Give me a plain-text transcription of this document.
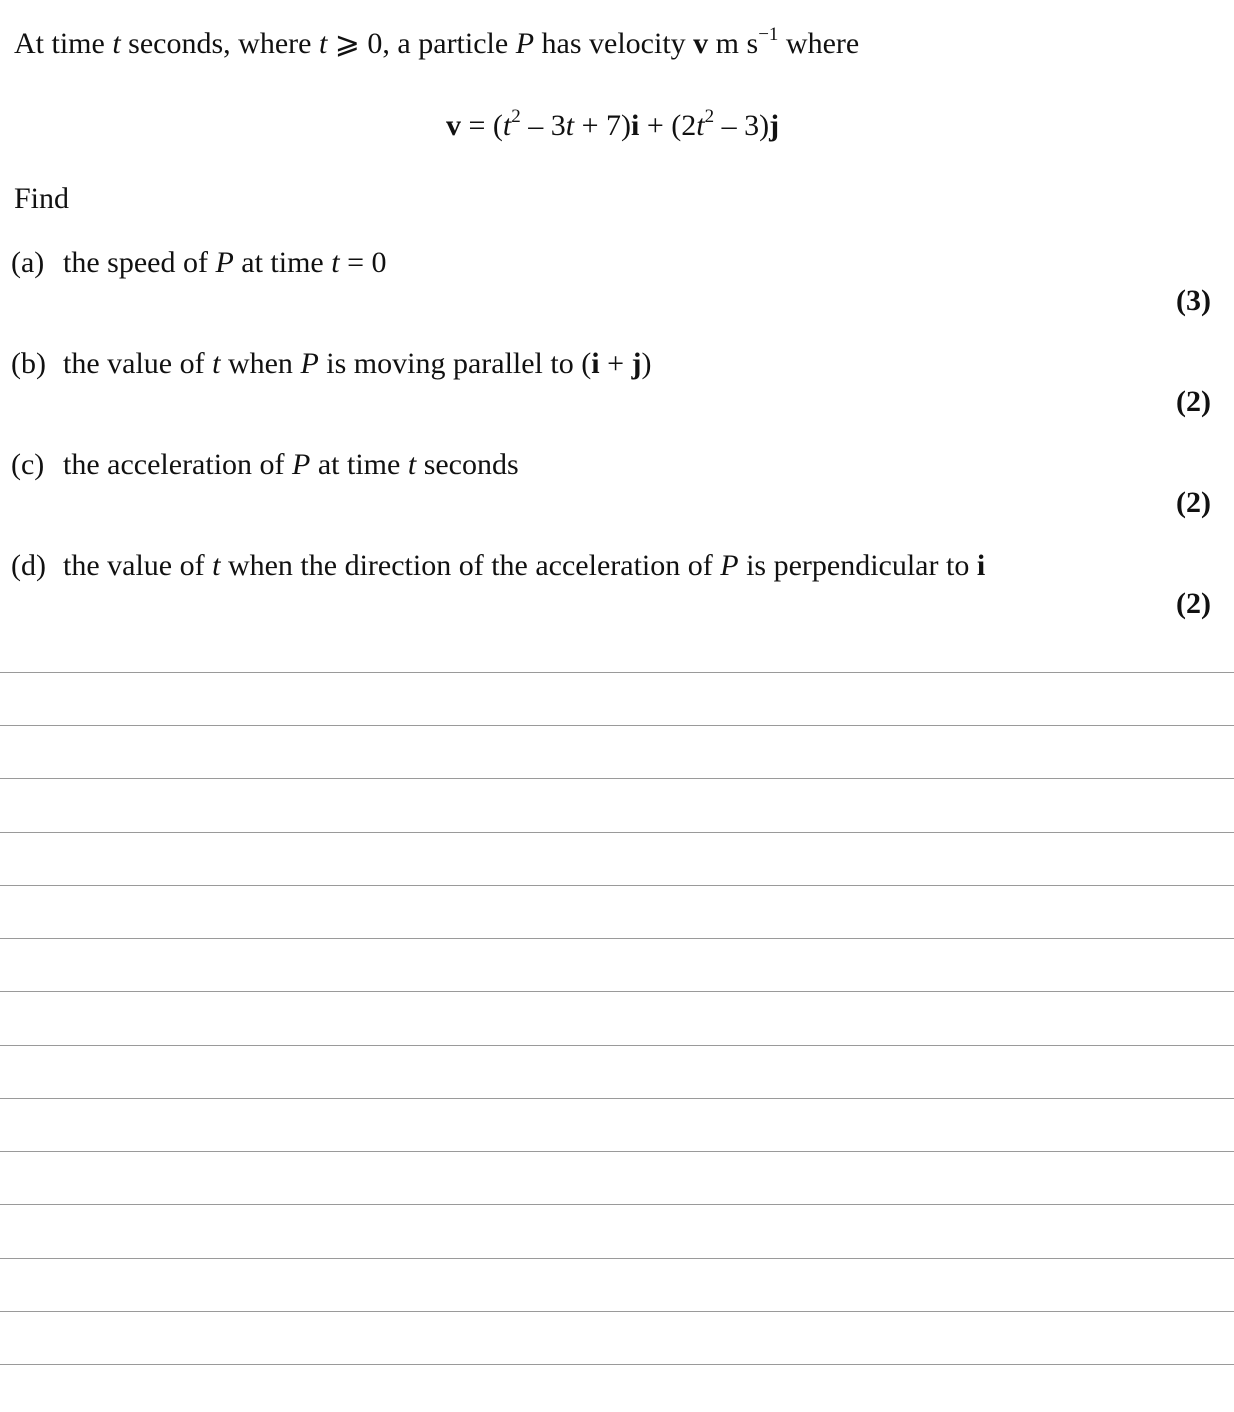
At time t seconds, where t ⩾ 0, a particle P has velocity v m $s^{-1}$ where
$v = (t^2 - 3t + 7)i + (2t^2 - 3)j$
Find
(a) the speed of P at time t = 0
(3)
(b) the value of t when P is moving parallel to (i + j)
(2)
(c) the acceleration of P at time t seconds
(2)
(d) the value of t when the direction of the acceleration of P is perpendicular to i
(2)
